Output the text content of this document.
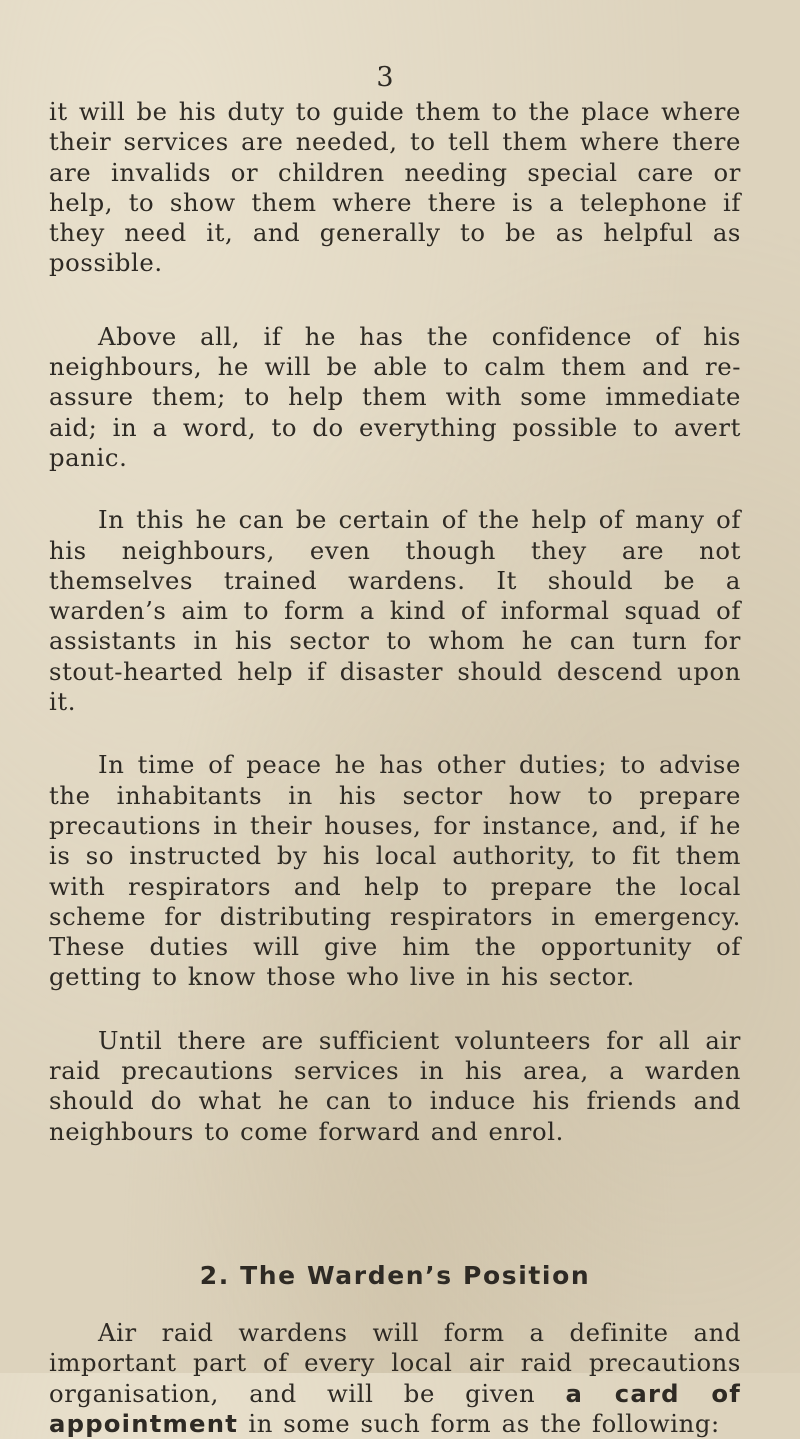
3

it will be his duty to guide them to the place where their services are needed, to tell them where there are invalids or children needing special care or help, to show them where there is a telephone if they need it, and generally to be as helpful as possible.

Above all, if he has the confidence of his neighbours, he will be able to calm them and re-assure them; to help them with some immediate aid; in a word, to do everything possible to avert panic.

In this he can be certain of the help of many of his neighbours, even though they are not themselves trained wardens. It should be a warden’s aim to form a kind of informal squad of assistants in his sector to whom he can turn for stout-hearted help if disaster should descend upon it.

In time of peace he has other duties; to advise the inhabitants in his sector how to prepare precautions in their houses, for instance, and, if he is so instructed by his local authority, to fit them with respirators and help to prepare the local scheme for distributing respirators in emergency. These duties will give him the opportunity of getting to know those who live in his sector.

Until there are sufficient volunteers for all air raid precautions services in his area, a warden should do what he can to induce his friends and neighbours to come forward and enrol.

2. The Warden’s Position

Air raid wardens will form a definite and important part of every local air raid precautions organisation, and will be given a card of appointment in some such form as the following:
